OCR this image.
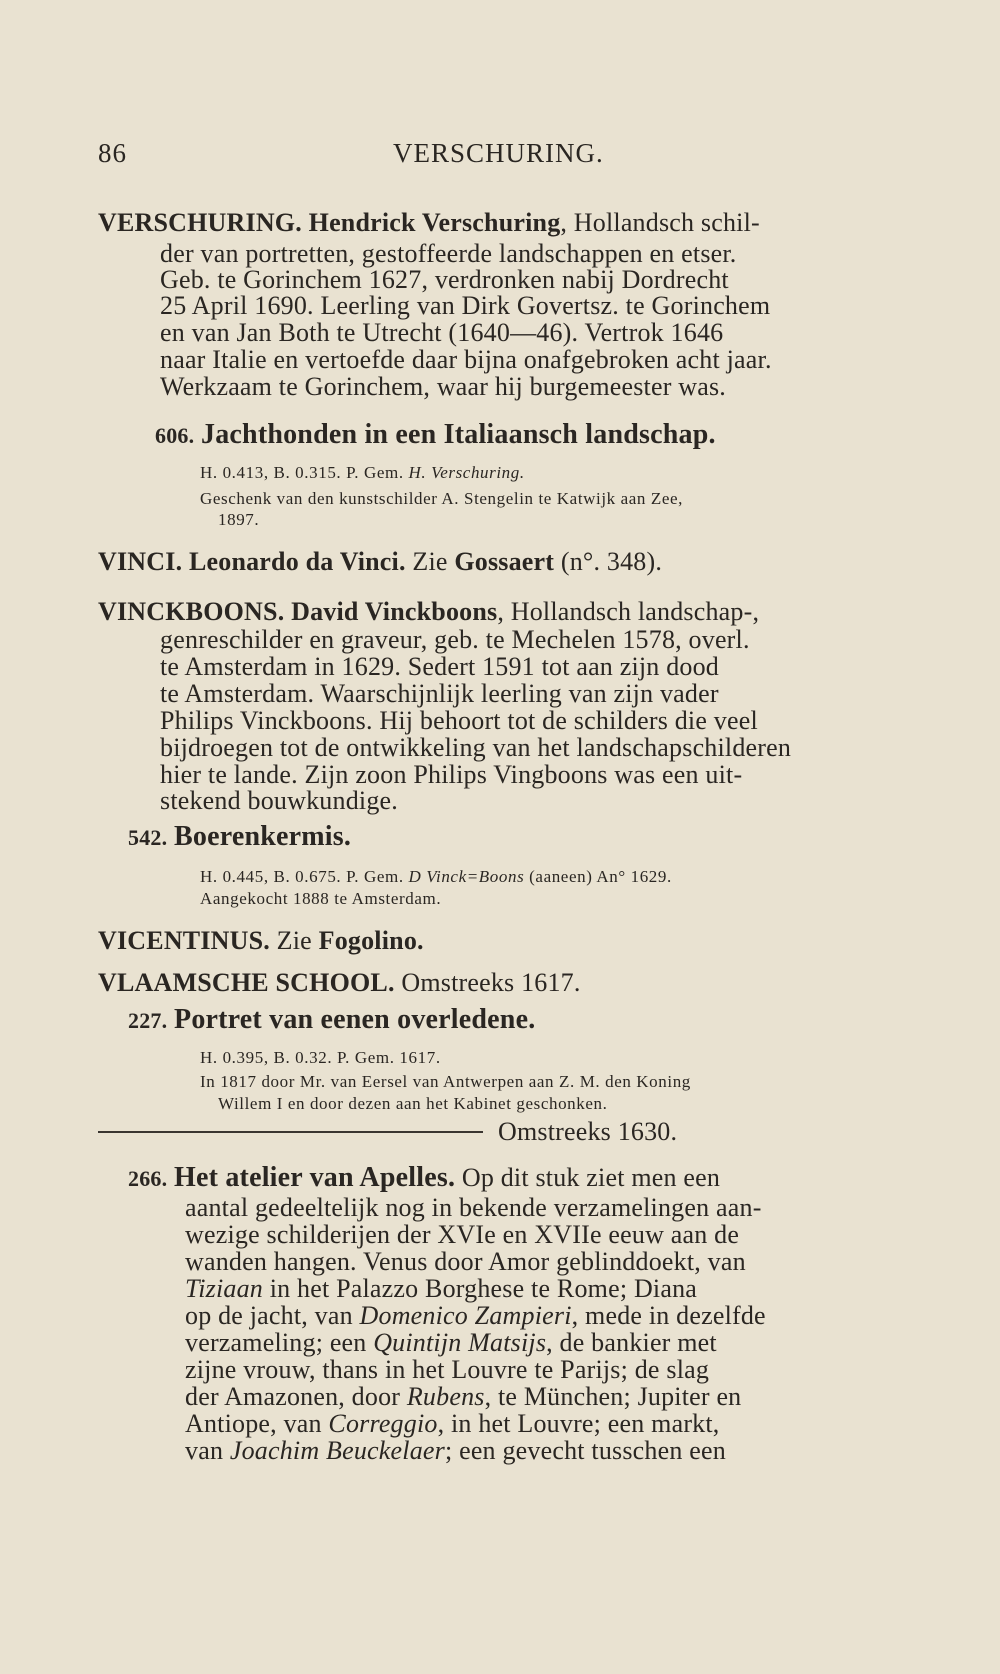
86	VERSCHURING.
VERSCHURING. Hendrick Verschuring, Hollandsch schil-
der van portretten, gestoffeerde landschappen en etser.
Geb. te Gorinchem 1627, verdronken nabij Dordrecht
25 April 1690. Leerling van Dirk Govertsz. te Gorinchem
en van Jan Both te Utrecht (1640—46). Vertrok 1646
naar Italie en vertoefde daar bijna onafgebroken acht jaar.
Werkzaam te Gorinchem, waar hij burgemeester was.
606. Jachthonden in een Italiaansch landschap.
H. 0.413, B. 0.315. P. Gem. H. Verschuring.
Geschenk van den kunstschilder A. Stengelin te Katwijk aan Zee,
1897.
VINCI. Leonardo da Vinci. Zie Gossaert (n°. 348).
VINCKBOONS. David Vinckboons, Hollandsch landschap-,
genreschilder en graveur, geb. te Mechelen 1578, overl.
te Amsterdam in 1629. Sedert 1591 tot aan zijn dood
te Amsterdam. Waarschijnlijk leerling van zijn vader
Philips Vinckboons. Hij behoort tot de schilders die veel
bijdroegen tot de ontwikkeling van het landschapschilderen
hier te lande. Zijn zoon Philips Vingboons was een uit-
stekend bouwkundige.
542. Boerenkermis.
H. 0.445, B. 0.675. P. Gem. D Vinck=Boons (aaneen) An° 1629.
Aangekocht 1888 te Amsterdam.
VICENTINUS. Zie Fogolino.
VLAAMSCHE SCHOOL. Omstreeks 1617.
227. Portret van eenen overledene.
H. 0.395, B. 0.32. P. Gem. 1617.
In 1817 door Mr. van Eersel van Antwerpen aan Z. M. den Koning
Willem I en door dezen aan het Kabinet geschonken.
Omstreeks 1630.
266. Het atelier van Apelles. Op dit stuk ziet men een
aantal gedeeltelijk nog in bekende verzamelingen aan-
wezige schilderijen der XVIe en XVIIe eeuw aan de
wanden hangen. Venus door Amor geblinddoekt, van
Tiziaan in het Palazzo Borghese te Rome; Diana
op de jacht, van Domenico Zampieri, mede in dezelfde
verzameling; een Quintijn Matsijs, de bankier met
zijne vrouw, thans in het Louvre te Parijs; de slag
der Amazonen, door Rubens, te München; Jupiter en
Antiope, van Correggio, in het Louvre; een markt,
van Joachim Beuckelaer; een gevecht tusschen een
